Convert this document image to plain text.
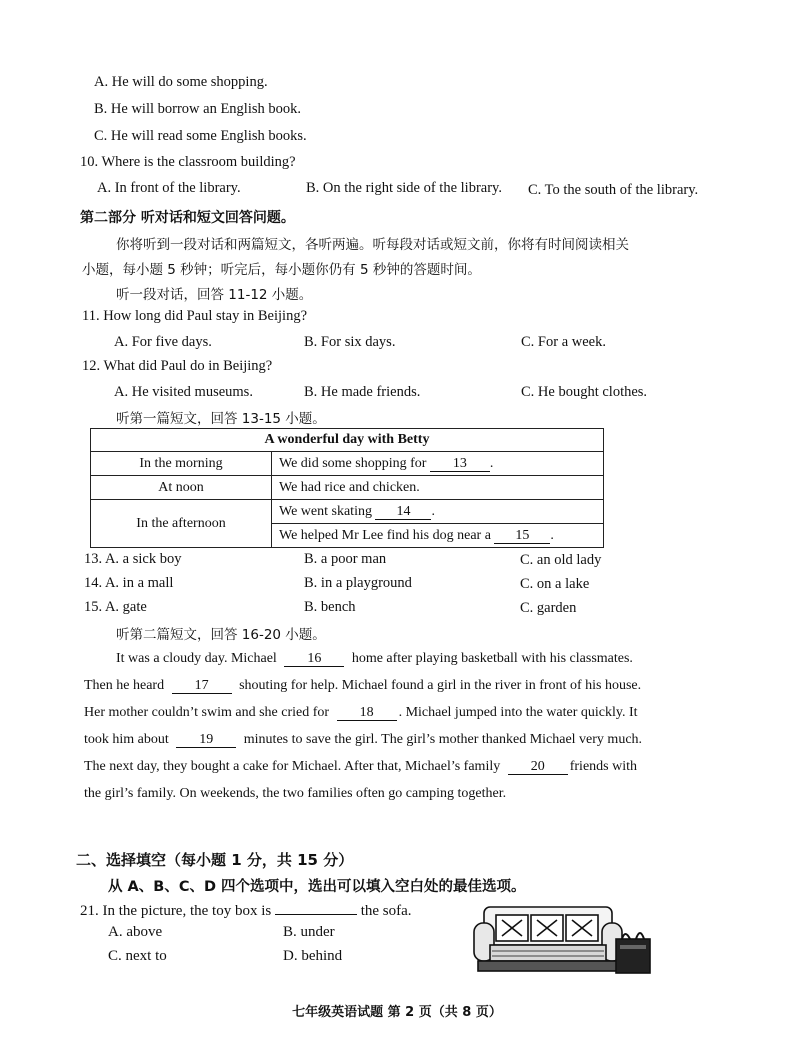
A. He will do some shopping.
B. He will borrow an English book.
C. He will read some English books.
10. Where is the classroom building?
A. In front of the library.	B. On the right side of the library. C. To the south of the library.
第二部分 听对话和短文回答问题。
你将听到一段对话和两篇短文，各听两遍。听每段对话或短文前，你将有时间阅读相关
小题，每小题 5 秒钟；听完后，每小题你仍有 5 秒钟的答题时间。
听一段对话，回答 11-12 小题。
11. How long did Paul stay in Beijing?
A. For five days.	B. For six days.	C. For a week.
12. What did Paul do in Beijing?
A. He visited museums.	B. He made friends.	C. He bought clothes.
听第一篇短文，回答 13-15 小题。
A wonderful day with Betty	
In the morning	We did some shopping for 13 .
At noon	We had rice and chicken.
In the afternoon	We went skating 14 .
	We helped Mr Lee find his dog near a 15 .
13. A. a sick boy	B. a poor man	C. an old lady
14. A. in a mall	B. in a playground	C. on a lake
15. A. gate	B. bench	C. garden
听第二篇短文，回答 16-20 小题。
It was a cloudy day. Michael 16 home after playing basketball with his classmates.
Then he heard 17 shouting for help. Michael found a girl in the river in front of his house.
Her mother couldn’t swim and she cried for 18 . Michael jumped into the water quickly. It
took him about 19 minutes to save the girl. The girl’s mother thanked Michael very much.
The next day, they bought a cake for Michael. After that, Michael’s family 20 friends with
the girl’s family. On weekends, the two families often go camping together.
二、选择填空（每小题 1 分，共 15 分）
从 A、B、C、D 四个选项中，选出可以填入空白处的最佳选项。
21. In the picture, the toy box is	the sofa.
A. above	B. under
C. next to	D. behind
七年级英语试题 第 2 页（共 8 页）
